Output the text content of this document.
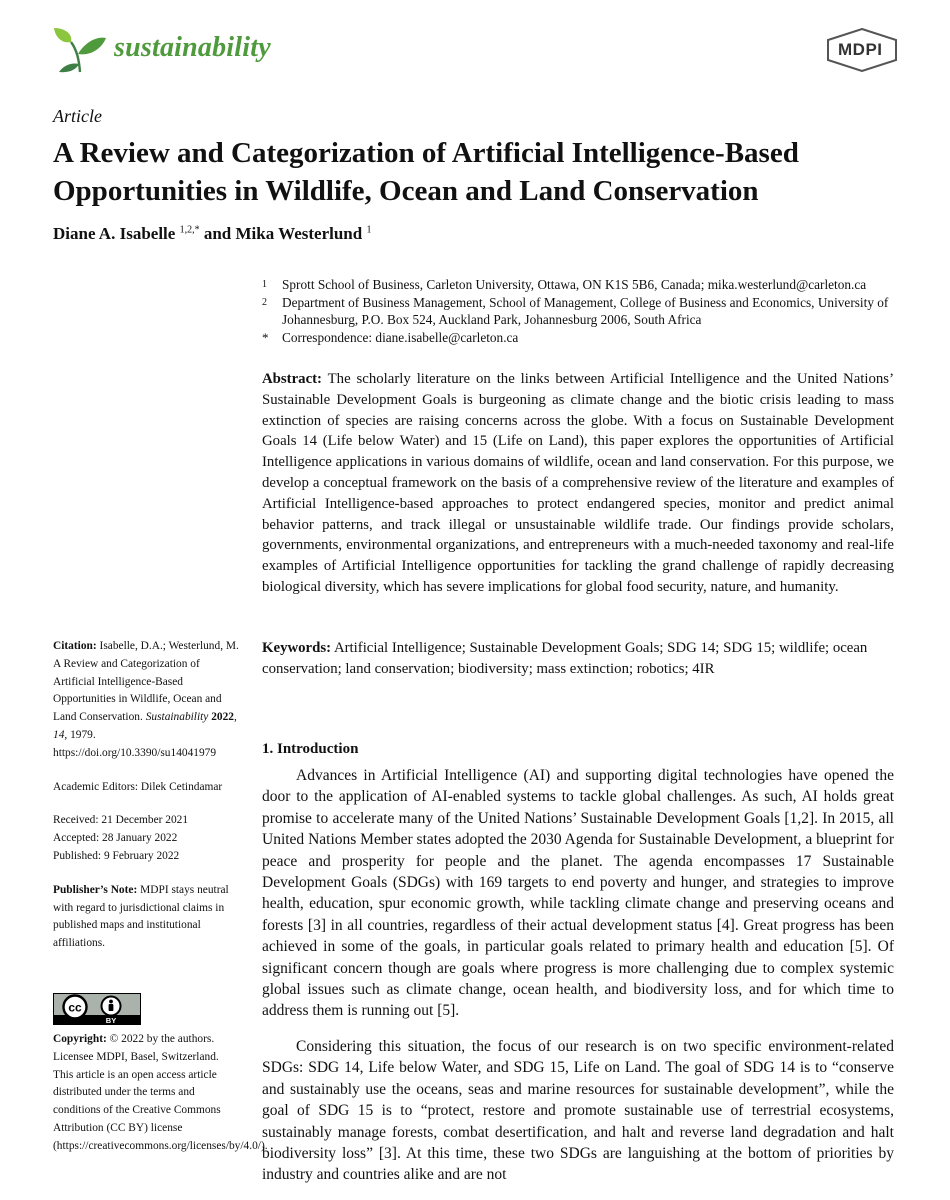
sustainability	MDPI
Article
A Review and Categorization of Artificial Intelligence-Based Opportunities in Wildlife, Ocean and Land Conservation
Diane A. Isabelle $^{1,2,*}$ and Mika Westerlund $^1$
1 Sprott School of Business, Carleton University, Ottawa, ON K1S 5B6, Canada; mika.westerlund@carleton.ca
2 Department of Business Management, School of Management, College of Business and Economics, University of Johannesburg, P.O. Box 524, Auckland Park, Johannesburg 2006, South Africa
* Correspondence: diane.isabelle@carleton.ca

Abstract: The scholarly literature on the links between Artificial Intelligence and the United Nations’ Sustainable Development Goals is burgeoning as climate change and the biotic crisis leading to mass extinction of species are raising concerns across the globe. With a focus on Sustainable Development Goals 14 (Life below Water) and 15 (Life on Land), this paper explores the opportunities of Artificial Intelligence applications in various domains of wildlife, ocean and land conservation. For this purpose, we develop a conceptual framework on the basis of a comprehensive review of the literature and examples of Artificial Intelligence-based approaches to protect endangered species, monitor and predict animal behavior patterns, and track illegal or unsustainable wildlife trade. Our findings provide scholars, governments, environmental organizations, and entrepreneurs with a much-needed taxonomy and real-life examples of Artificial Intelligence opportunities for tackling the grand challenge of rapidly decreasing biological diversity, which has severe implications for global food security, nature, and humanity.

Keywords: Artificial Intelligence; Sustainable Development Goals; SDG 14; SDG 15; wildlife; ocean conservation; land conservation; biodiversity; mass extinction; robotics; 4IR

Citation: Isabelle, D.A.; Westerlund, M. A Review and Categorization of Artificial Intelligence-Based Opportunities in Wildlife, Ocean and Land Conservation. Sustainability 2022, 14, 1979. https://doi.org/10.3390/su14041979

Academic Editors: Dilek Cetindamar

Received: 21 December 2021

Accepted: 28 January 2022

Published: 9 February 2022

Publisher’s Note: MDPI stays neutral with regard to jurisdictional claims in published maps and institutional affiliations.

Copyright: © 2022 by the authors. Licensee MDPI, Basel, Switzerland. This article is an open access article distributed under the terms and conditions of the Creative Commons Attribution (CC BY) license (https://creativecommons.org/licenses/by/4.0/).

cc
BY
1. Introduction

Advances in Artificial Intelligence (AI) and supporting digital technologies have opened the door to the application of AI-enabled systems to tackle global challenges. As such, AI holds great promise to accelerate many of the United Nations’ Sustainable Development Goals [1,2]. In 2015, all United Nations Member states adopted the 2030 Agenda for Sustainable Development, a blueprint for peace and prosperity for people and the planet. The agenda encompasses 17 Sustainable Development Goals (SDGs) with 169 targets to end poverty and hunger, and strategies to improve health, education, spur economic growth, while tackling climate change and preserving oceans and forests [3] in all countries, regardless of their actual development status [4]. Great progress has been achieved in some of the goals, in particular goals related to primary health and education [5]. Of significant concern though are goals where progress is more challenging due to complex systemic global issues such as climate change, ocean health, and biodiversity loss, and for which time to address them is running out [5].

Considering this situation, the focus of our research is on two specific environment-related SDGs: SDG 14, Life below Water, and SDG 15, Life on Land. The goal of SDG 14 is to “conserve and sustainably use the oceans, seas and marine resources for sustainable development”, while the goal of SDG 15 is to “protect, restore and promote sustainable use of terrestrial ecosystems, sustainably manage forests, combat desertification, and halt and reverse land degradation and halt biodiversity loss” [3]. At this time, these two SDGs are languishing at the bottom of priorities by industry and countries alike and are not
